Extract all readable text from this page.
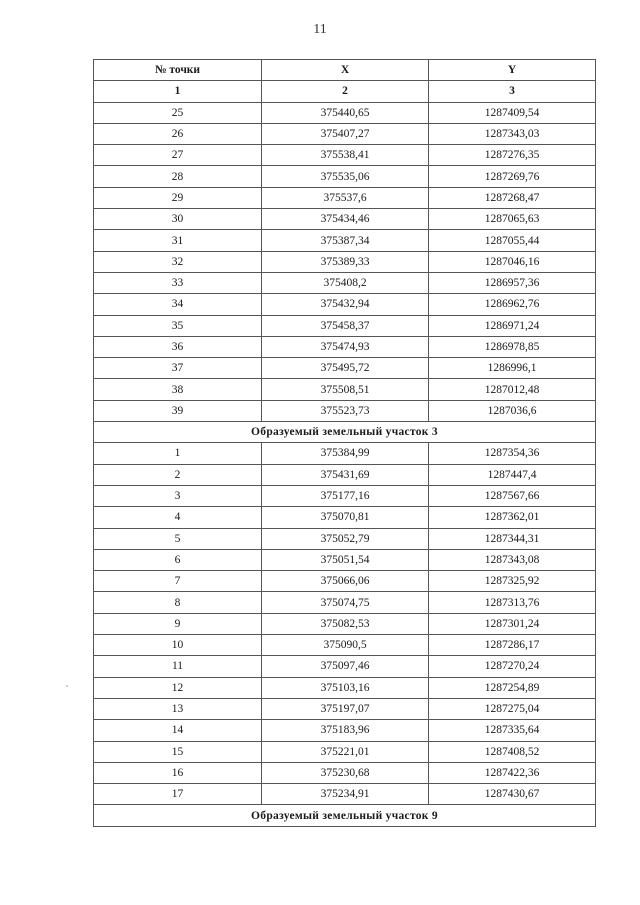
11
№ точки	X	Y
1	2	3
25	375440,65	1287409,54
26	375407,27	1287343,03
27	375538,41	1287276,35
28	375535,06	1287269,76
29	375537,6	1287268,47
30	375434,46	1287065,63
31	375387,34	1287055,44
32	375389,33	1287046,16
33	375408,2	1286957,36
34	375432,94	1286962,76
35	375458,37	1286971,24
36	375474,93	1286978,85
37	375495,72	1286996,1
38	375508,51	1287012,48
39	375523,73	1287036,6
Образуемый земельный участок 3		
1	375384,99	1287354,36
2	375431,69	1287447,4
3	375177,16	1287567,66
4	375070,81	1287362,01
5	375052,79	1287344,31
6	375051,54	1287343,08
7	375066,06	1287325,92
8	375074,75	1287313,76
9	375082,53	1287301,24
10	375090,5	1287286,17
11	375097,46	1287270,24
12	375103,16	1287254,89
13	375197,07	1287275,04
14	375183,96	1287335,64
15	375221,01	1287408,52
16	375230,68	1287422,36
17	375234,91	1287430,67
Образуемый земельный участок 9		
